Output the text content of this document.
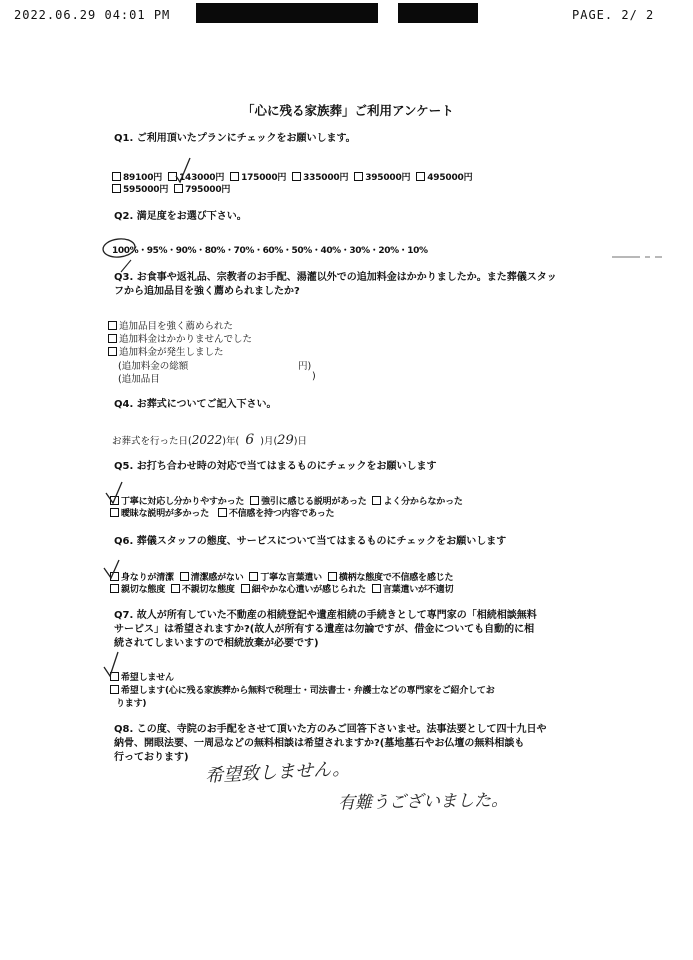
2022.06.29 04:01 PM	PAGE. 2/ 2
「心に残る家族葬」ご利用アンケート
Q1. ご利用頂いたプランにチェックをお願いします。
89100円 143000円 175000円 335000円 395000円 495000円
595000円 795000円
Q2. 満足度をお選び下さい。
100%・95%・90%・80%・70%・60%・50%・40%・30%・20%・10%
Q3. お食事や返礼品、宗教者のお手配、湯灌以外での追加料金はかかりましたか。また葬儀スタッ
フから追加品目を強く薦められましたか?
追加品目を強く薦められた
追加料金はかかりませんでした
追加料金が発生しました
(追加料金の総額	円)
(追加品目	)
Q4. お葬式についてご記入下さい。
お葬式を行った日(2022)年(  6  )月(29)日
Q5. お打ち合わせ時の対応で当てはまるものにチェックをお願いします
丁寧に対応し分かりやすかった 強引に感じる説明があった よく分からなかった
曖昧な説明が多かった 不信感を持つ内容であった
Q6. 葬儀スタッフの態度、サービスについて当てはまるものにチェックをお願いします
身なりが清潔 清潔感がない 丁寧な言葉遣い 横柄な態度で不信感を感じた
親切な態度 不親切な態度 細やかな心遣いが感じられた 言葉遣いが不適切
Q7. 故人が所有していた不動産の相続登記や遺産相続の手続きとして専門家の「相続相談無料
サービス」は希望されますか?(故人が所有する遺産は勿論ですが、借金についても自動的に相
続されてしまいますので相続放棄が必要です)
希望しません
希望します(心に残る家族葬から無料で税理士・司法書士・弁護士などの専門家をご紹介してお
ります)
Q8. この度、寺院のお手配をさせて頂いた方のみご回答下さいませ。法事法要として四十九日や
納骨、開眼法要、一周忌などの無料相談は希望されますか?(墓地墓石やお仏壇の無料相談も
行っております)
希望致しません。
有難うございました。
